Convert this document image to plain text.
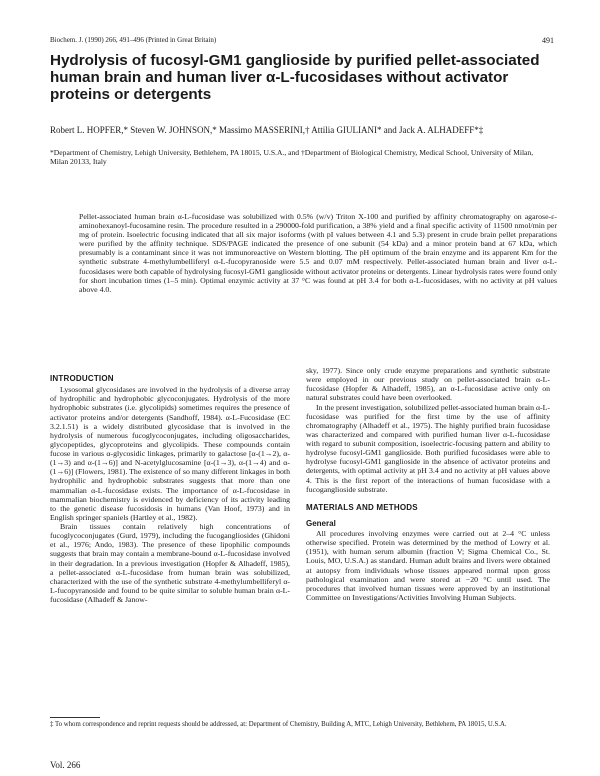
Biochem. J. (1990) 266, 491–496 (Printed in Great Britain)	491
Hydrolysis of fucosyl-GM1 ganglioside by purified pellet-associated human brain and human liver α-L-fucosidases without activator proteins or detergents
Robert L. HOPFER,* Steven W. JOHNSON,* Massimo MASSERINI,† Attilia GIULIANI* and Jack A. ALHADEFF*‡
*Department of Chemistry, Lehigh University, Bethlehem, PA 18015, U.S.A., and †Department of Biological Chemistry, Medical School, University of Milan, Milan 20133, Italy
Pellet-associated human brain α-L-fucosidase was solubilized with 0.5% (w/v) Triton X-100 and purified by affinity chromatography on agarose-ε-aminohexanoyl-fucosamine resin. The procedure resulted in a 290000-fold purification, a 38% yield and a final specific activity of 11500 nmol/min per mg of protein. Isoelectric focusing indicated that all six major isoforms (with pI values between 4.1 and 5.3) present in crude brain pellet preparations were purified by the affinity technique. SDS/PAGE indicated the presence of one subunit (54 kDa) and a minor protein band at 67 kDa, which presumably is a contaminant since it was not immunoreactive on Western blotting. The pH optimum of the brain enzyme and its apparent Km for the synthetic substrate 4-methylumbelliferyl α-L-fucopyranoside were 5.5 and 0.07 mM respectively. Pellet-associated human brain and liver α-L-fucosidases were both capable of hydrolysing fucosyl-GM1 ganglioside without activator proteins or detergents. Linear hydrolysis rates were found only for short incubation times (1–5 min). Optimal enzymic activity at 37 °C was found at pH 3.4 for both α-L-fucosidases, with no activity at pH values above 4.0.
INTRODUCTION

Lysosomal glycosidases are involved in the hydrolysis of a diverse array of hydrophilic and hydrophobic glycoconjugates. Hydrolysis of the more hydrophobic substrates (i.e. glycolipids) sometimes requires the presence of activator proteins and/or detergents (Sandhoff, 1984). α-L-Fucosidase (EC 3.2.1.51) is a widely distributed glycosidase that is involved in the hydrolysis of numerous fucoglycoconjugates, including oligosaccharides, glycopeptides, glycoproteins and glycolipids. These compounds contain fucose in various α-glycosidic linkages, primarily to galactose [α-(1→2), α-(1→3) and α-(1→6)] and N-acetylglucosamine [α-(1→3), α-(1→4) and α-(1→6)] (Flowers, 1981). The existence of so many different linkages in both hydrophilic and hydrophobic substrates suggests that more than one mammalian α-L-fucosidase exists. The importance of α-L-fucosidase in mammalian biochemistry is evidenced by deficiency of its activity leading to the genetic disease fucosidosis in humans (Van Hoof, 1973) and in English springer spaniels (Hartley et al., 1982).

Brain tissues contain relatively high concentrations of fucoglycoconjugates (Gurd, 1979), including the fucogangliosides (Ghidoni et al., 1976; Ando, 1983). The presence of these lipophilic compounds suggests that brain may contain a membrane-bound α-L-fucosidase involved in their degradation. In a previous investigation (Hopfer & Alhadeff, 1985), a pellet-associated α-L-fucosidase from human brain was solubilized, characterized with the use of the synthetic substrate 4-methylumbelliferyl α-L-fucopyranoside and found to be quite similar to soluble human brain α-L-fucosidase (Alhadeff & Janow-

sky, 1977). Since only crude enzyme preparations and synthetic substrate were employed in our previous study on pellet-associated brain α-L-fucosidase (Hopfer & Alhadeff, 1985), an α-L-fucosidase active only on natural substrates could have been overlooked.

In the present investigation, solubilized pellet-associated human brain α-L-fucosidase was purified for the first time by the use of affinity chromatography (Alhadeff et al., 1975). The highly purified brain fucosidase was characterized and compared with purified human liver α-L-fucosidase with regard to subunit composition, isoelectric-focusing pattern and ability to hydrolyse fucosyl-GM1 ganglioside. Both purified fucosidases were able to hydrolyse fucosyl-GM1 ganglioside in the absence of activator proteins and detergents, with optimal activity at pH 3.4 and no activity at pH values above 4. This is the first report of the interactions of human fucosidase with a fucoganglioside substrate.

MATERIALS AND METHODS
General

All procedures involving enzymes were carried out at 2–4 °C unless otherwise specified. Protein was determined by the method of Lowry et al. (1951), with human serum albumin (fraction V; Sigma Chemical Co., St. Louis, MO, U.S.A.) as standard. Human adult brains and livers were obtained at autopsy from individuals whose tissues appeared normal upon gross pathological examination and were stored at −20 °C until used. The procedures that involved human tissues were approved by an institutional Committee on Investigations/Activities Involving Human Subjects.

‡ To whom correspondence and reprint requests should be addressed, at: Department of Chemistry, Building A, MTC, Lehigh University, Bethlehem, PA 18015, U.S.A.
Vol. 266
